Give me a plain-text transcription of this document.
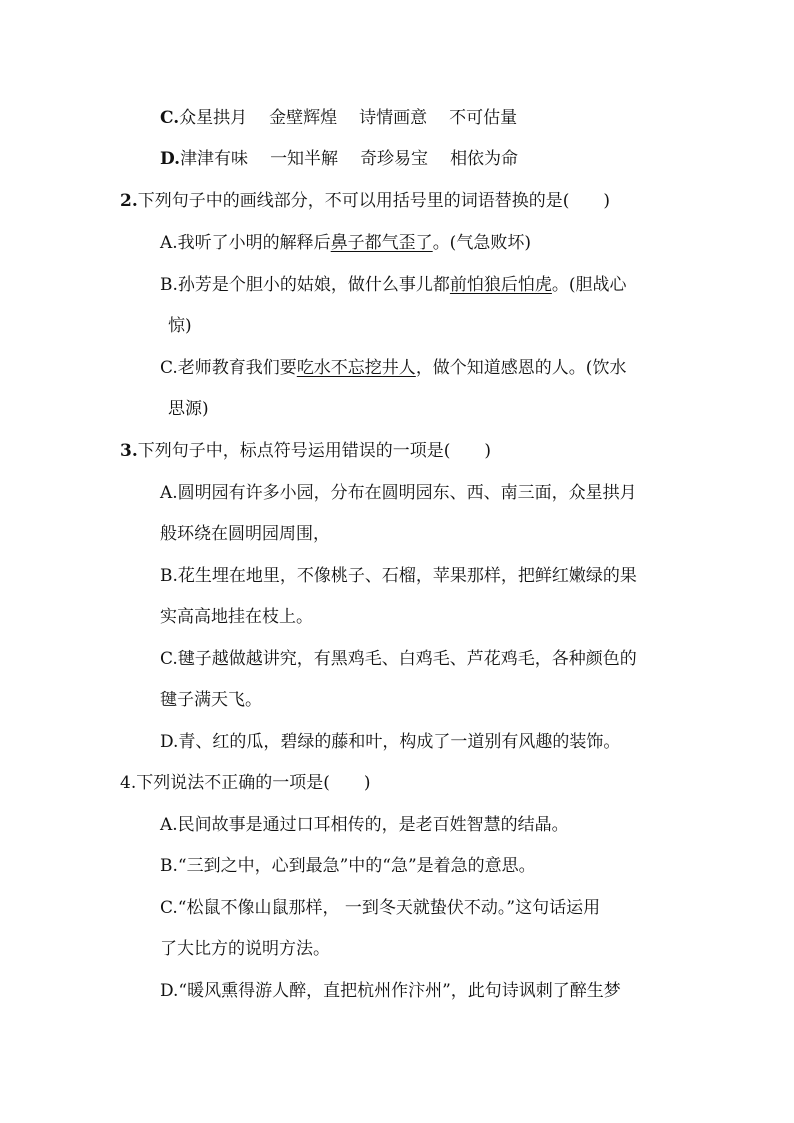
C.众星拱月 金壁辉煌 诗情画意 不可估量
D.津津有味 一知半解 奇珍易宝 相依为命
2.下列句子中的画线部分，不可以用括号里的词语替换的是(　　)
A.我听了小明的解释后鼻子都气歪了。(气急败坏)
B.孙芳是个胆小的姑娘，做什么事儿都前怕狼后怕虎。(胆战心
惊)
C.老师教育我们要吃水不忘挖井人，做个知道感恩的人。(饮水
思源)
3.下列句子中，标点符号运用错误的一项是(　　)
A.圆明园有许多小园，分布在圆明园东、西、南三面，众星拱月
般环绕在圆明园周围，
B.花生埋在地里，不像桃子、石榴，苹果那样，把鲜红嫩绿的果
实高高地挂在枝上。
C.毽子越做越讲究，有黑鸡毛、白鸡毛、芦花鸡毛，各种颜色的
毽子满天飞。
D.青、红的瓜，碧绿的藤和叶，构成了一道别有风趣的装饰。
4.下列说法不正确的一项是(　　)
A.民间故事是通过口耳相传的，是老百姓智慧的结晶。
B.“三到之中，心到最急”中的“急”是着急的意思。
C.“松鼠不像山鼠那样， 一到冬天就蛰伏不动。”这句话运用
了大比方的说明方法。
D.“暖风熏得游人醉，直把杭州作汴州”，此句诗讽刺了醉生梦
